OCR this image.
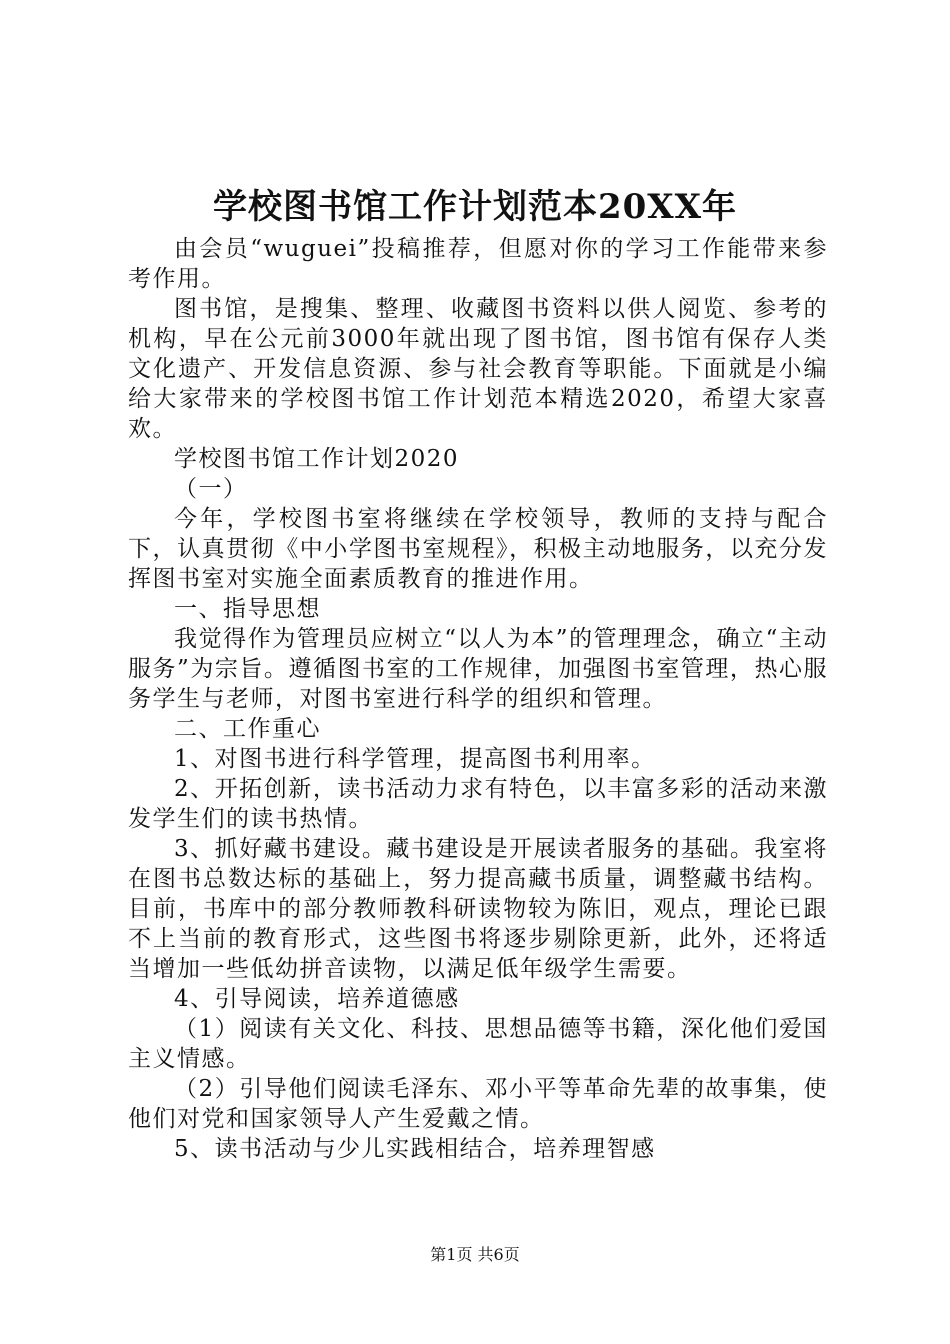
学校图书馆工作计划范本20XX年

由会员“wuguei”投稿推荐，但愿对你的学习工作能带来参考作用。

图书馆，是搜集、整理、收藏图书资料以供人阅览、参考的机构，早在公元前3000年就出现了图书馆，图书馆有保存人类文化遗产、开发信息资源、参与社会教育等职能。下面就是小编给大家带来的学校图书馆工作计划范本精选2020，希望大家喜欢。

学校图书馆工作计划2020

（一）

今年，学校图书室将继续在学校领导，教师的支持与配合下，认真贯彻《中小学图书室规程》，积极主动地服务，以充分发挥图书室对实施全面素质教育的推进作用。

一、指导思想

我觉得作为管理员应树立“以人为本”的管理理念，确立“主动服务”为宗旨。遵循图书室的工作规律，加强图书室管理，热心服务学生与老师，对图书室进行科学的组织和管理。

二、工作重心

1、对图书进行科学管理，提高图书利用率。

2、开拓创新，读书活动力求有特色，以丰富多彩的活动来激发学生们的读书热情。

3、抓好藏书建设。藏书建设是开展读者服务的基础。我室将在图书总数达标的基础上，努力提高藏书质量，调整藏书结构。目前，书库中的部分教师教科研读物较为陈旧，观点，理论已跟不上当前的教育形式，这些图书将逐步剔除更新，此外，还将适当增加一些低幼拼音读物，以满足低年级学生需要。

4、引导阅读，培养道德感

（1）阅读有关文化、科技、思想品德等书籍，深化他们爱国主义情感。

（2）引导他们阅读毛泽东、邓小平等革命先辈的故事集，使他们对党和国家领导人产生爱戴之情。

5、读书活动与少儿实践相结合，培养理智感

第1页 共6页
